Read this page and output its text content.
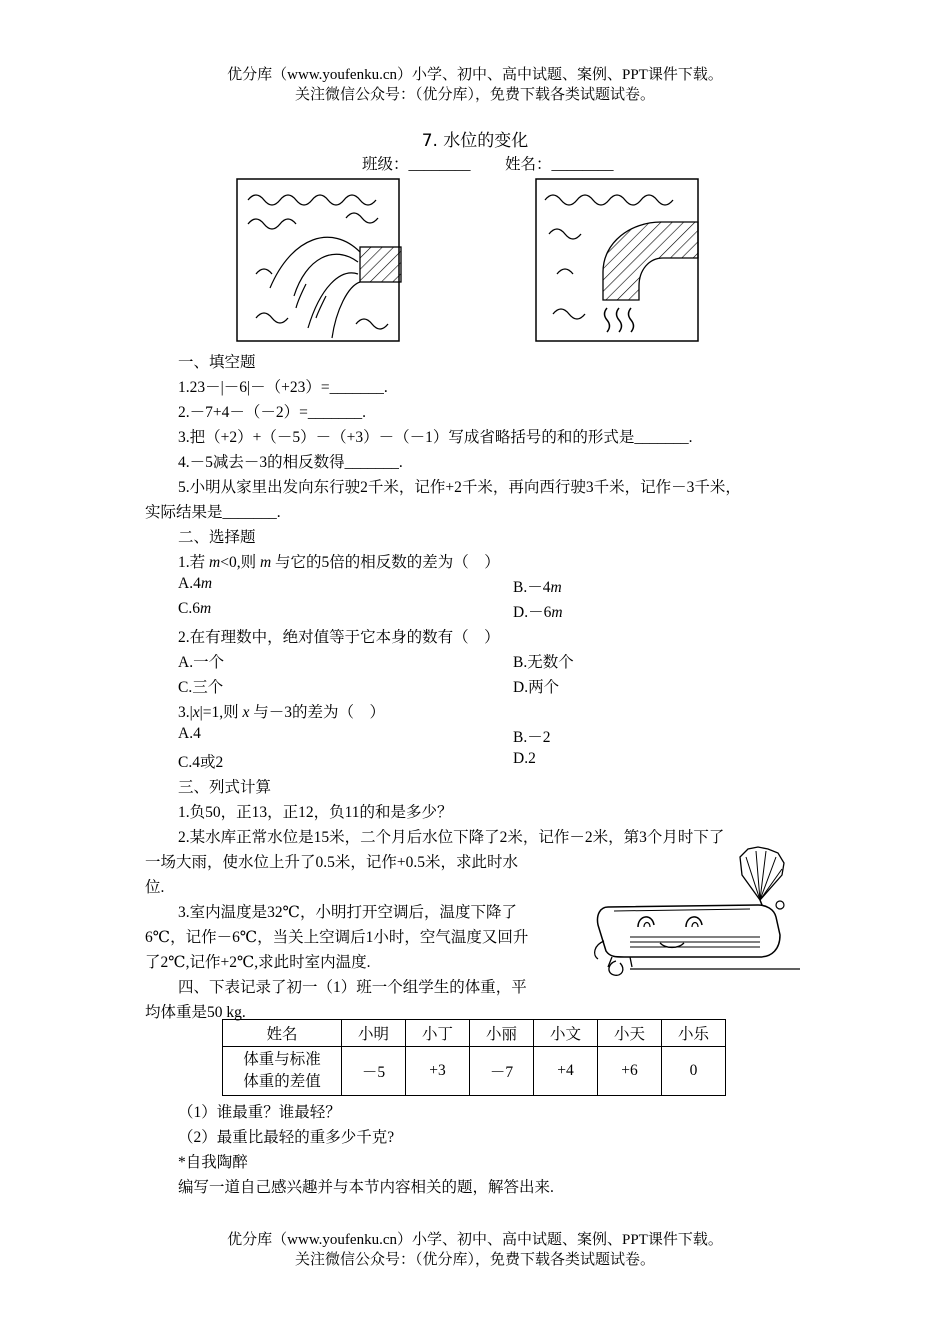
优分库（www.youfenku.cn）小学、初中、高中试题、案例、PPT课件下载。
关注微信公众号：（优分库），免费下载各类试题试卷。
7. 水位的变化
班级：________ 姓名：________
一、填空题
1.23－|－6|－（+23）=_______.
2.－7+4－（－2）=_______.
3.把（+2）+（－5）－（+3）－（－1）写成省略括号的和的形式是_______.
4.－5减去－3的相反数得_______.
5.小明从家里出发向东行驶2千米，记作+2千米，再向西行驶3千米，记作－3千米，
实际结果是_______.
二、选择题
1.若 m<0,则 m 与它的5倍的相反数的差为（　）
A.4m	B.－4m
C.6m	D.－6m
2.在有理数中，绝对值等于它本身的数有（　）
A.一个	B.无数个
C.三个	D.两个
3.|x|=1,则 x 与－3的差为（　）
A.4	B.－2
C.4或2	D.2
三、列式计算
1.负50，正13，正12，负11的和是多少？
2.某水库正常水位是15米，二个月后水位下降了2米，记作－2米，第3个月时下了
一场大雨，使水位上升了0.5米，记作+0.5米，求此时水
位.
3.室内温度是32℃，小明打开空调后，温度下降了
6℃，记作－6℃，当关上空调后1小时，空气温度又回升
了2℃,记作+2℃,求此时室内温度.
四、下表记录了初一（1）班一个组学生的体重，平
均体重是50 kg.
姓名	小明	小丁	小丽	小文	小天	小乐

体重与标准
体重的差值	－5	+3	－7	+4	+6	0
（1）谁最重？谁最轻？
（2）最重比最轻的重多少千克?
*自我陶醉
编写一道自己感兴趣并与本节内容相关的题，解答出来.
优分库（www.youfenku.cn）小学、初中、高中试题、案例、PPT课件下载。
关注微信公众号：（优分库），免费下载各类试题试卷。
